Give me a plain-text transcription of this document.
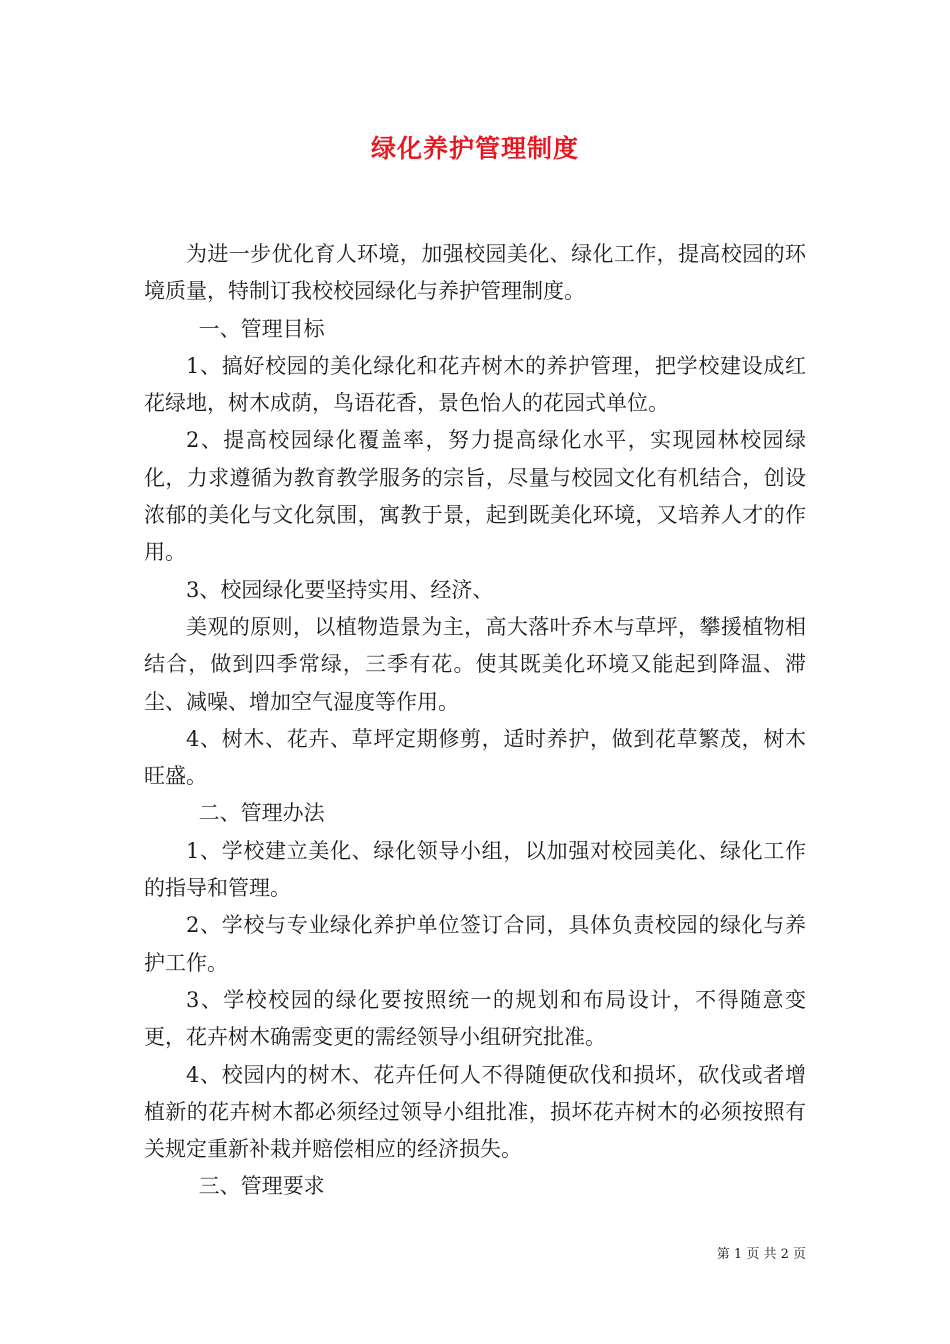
绿化养护管理制度

为进一步优化育人环境，加强校园美化、绿化工作，提高校园的环境质量，特制订我校校园绿化与养护管理制度。

一、管理目标

1、搞好校园的美化绿化和花卉树木的养护管理，把学校建设成红花绿地，树木成荫，鸟语花香，景色怡人的花园式单位。

2、提高校园绿化覆盖率，努力提高绿化水平，实现园林校园绿化，力求遵循为教育教学服务的宗旨，尽量与校园文化有机结合，创设浓郁的美化与文化氛围，寓教于景，起到既美化环境，又培养人才的作用。

3、校园绿化要坚持实用、经济、

美观的原则，以植物造景为主，高大落叶乔木与草坪，攀援植物相结合，做到四季常绿，三季有花。使其既美化环境又能起到降温、滞尘、减噪、增加空气湿度等作用。

4、树木、花卉、草坪定期修剪，适时养护，做到花草繁茂，树木旺盛。

二、管理办法

1、学校建立美化、绿化领导小组，以加强对校园美化、绿化工作的指导和管理。

2、学校与专业绿化养护单位签订合同，具体负责校园的绿化与养护工作。

3、学校校园的绿化要按照统一的规划和布局设计，不得随意变更，花卉树木确需变更的需经领导小组研究批准。

4、校园内的树木、花卉任何人不得随便砍伐和损坏，砍伐或者增植新的花卉树木都必须经过领导小组批准，损坏花卉树木的必须按照有关规定重新补栽并赔偿相应的经济损失。

三、管理要求

第 1 页 共 2 页
